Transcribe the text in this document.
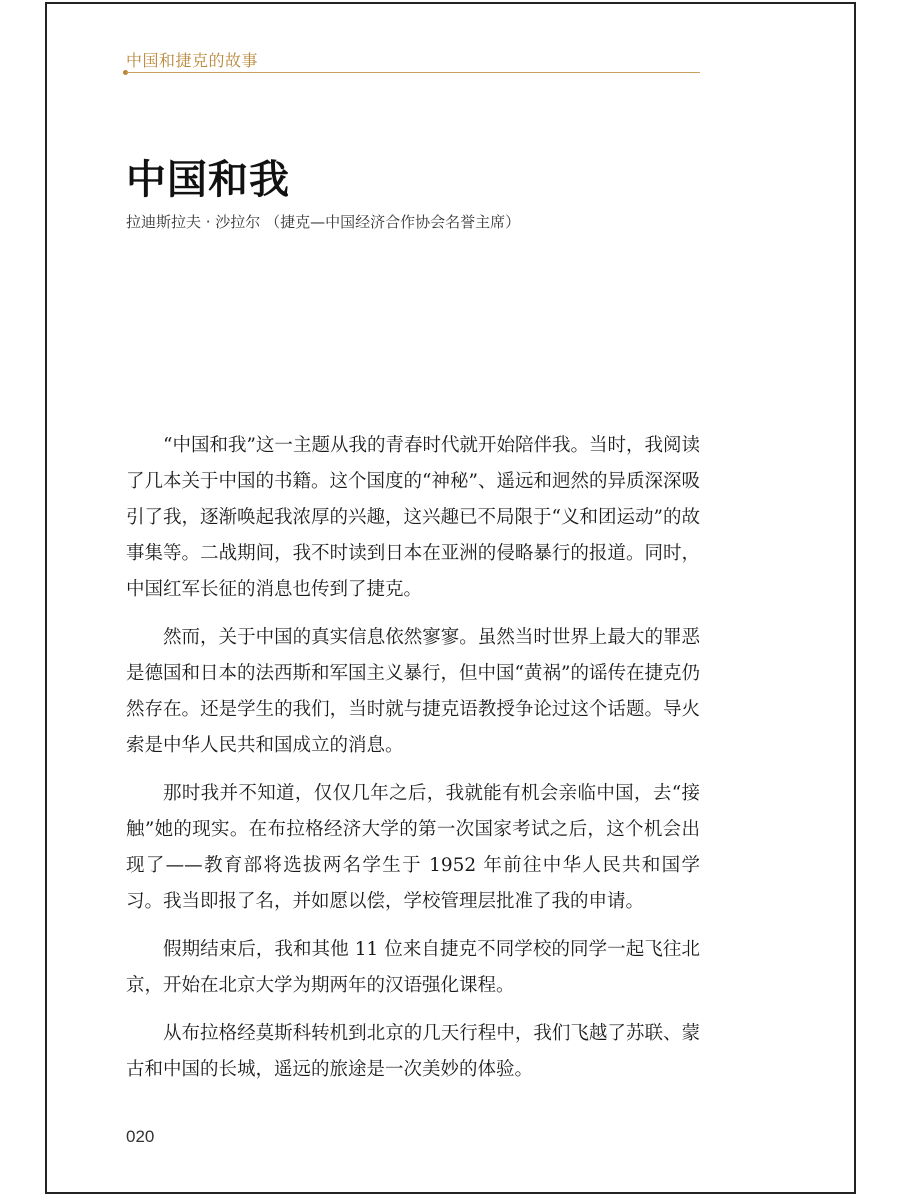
中国和捷克的故事
中国和我
拉迪斯拉夫 · 沙拉尔 （捷克—中国经济合作协会名誉主席）

“中国和我”这一主题从我的青春时代就开始陪伴我。当时，我阅读了几本关于中国的书籍。这个国度的“神秘”、遥远和迥然的异质深深吸引了我，逐渐唤起我浓厚的兴趣，这兴趣已不局限于“义和团运动”的故事集等。二战期间，我不时读到日本在亚洲的侵略暴行的报道。同时，中国红军长征的消息也传到了捷克。

然而，关于中国的真实信息依然寥寥。虽然当时世界上最大的罪恶是德国和日本的法西斯和军国主义暴行，但中国“黄祸”的谣传在捷克仍然存在。还是学生的我们，当时就与捷克语教授争论过这个话题。导火索是中华人民共和国成立的消息。

那时我并不知道，仅仅几年之后，我就能有机会亲临中国，去“接触”她的现实。在布拉格经济大学的第一次国家考试之后，这个机会出现了——教育部将选拔两名学生于 1952 年前往中华人民共和国学习。我当即报了名，并如愿以偿，学校管理层批准了我的申请。

假期结束后，我和其他 11 位来自捷克不同学校的同学一起飞往北京，开始在北京大学为期两年的汉语强化课程。

从布拉格经莫斯科转机到北京的几天行程中，我们飞越了苏联、蒙古和中国的长城，遥远的旅途是一次美妙的体验。

020
